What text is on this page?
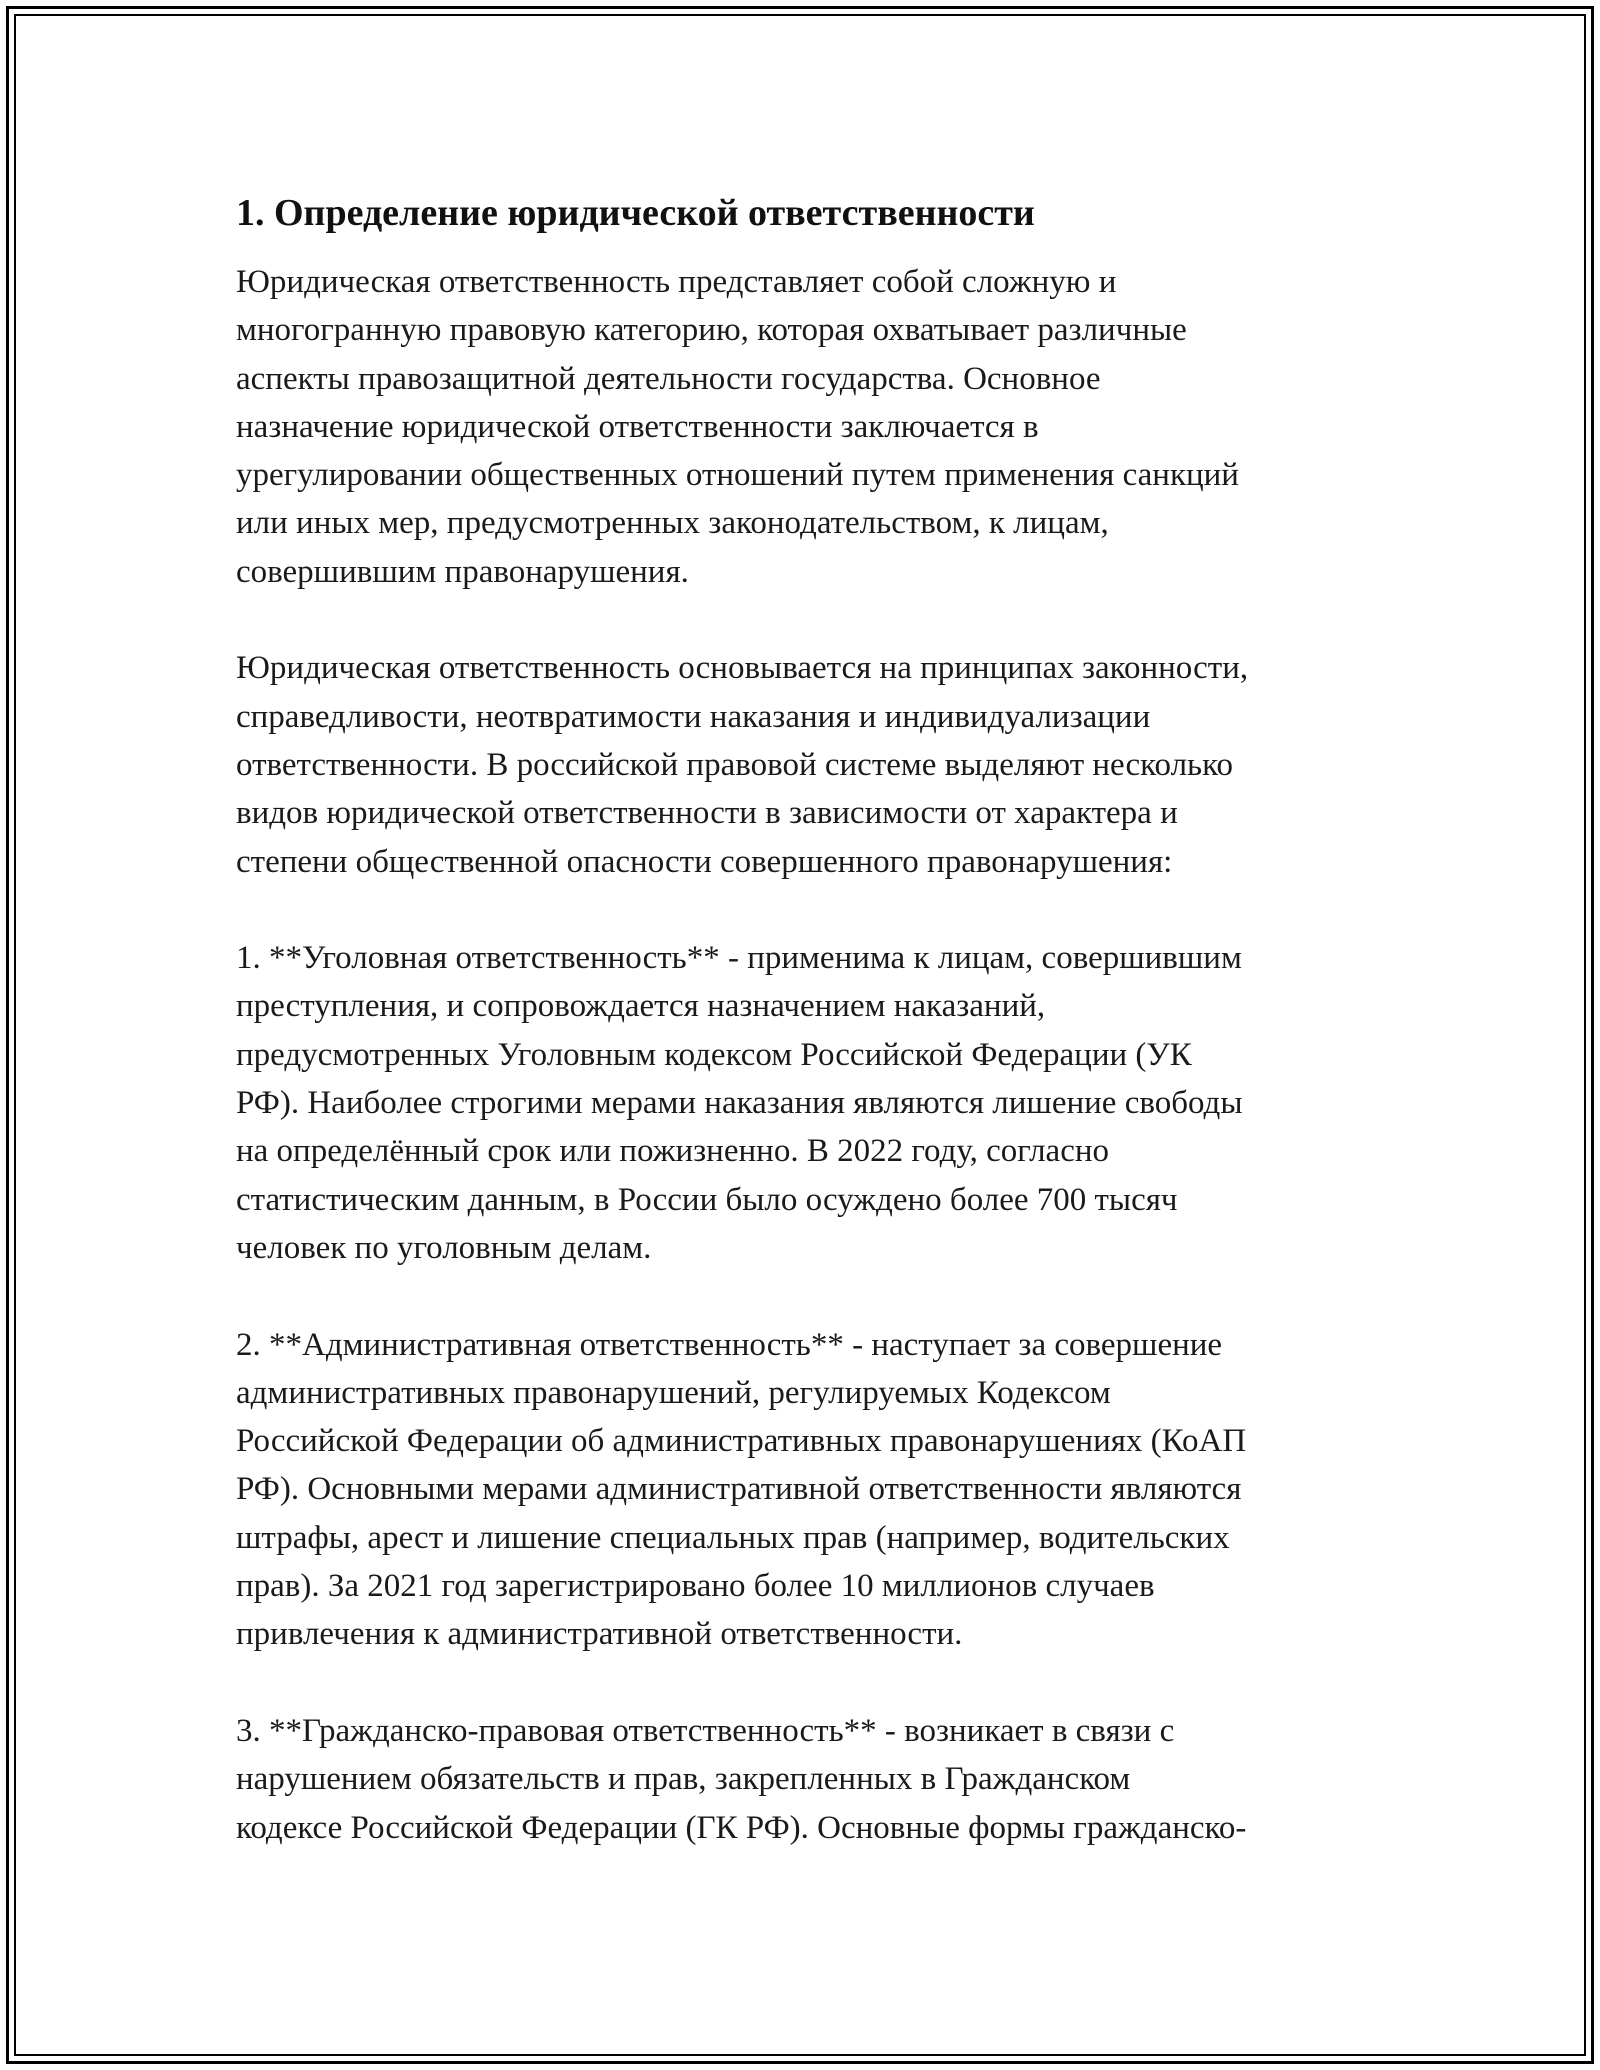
1. Определение юридической ответственности
Юридическая ответственность представляет собой сложную и
многогранную правовую категорию, которая охватывает различные
аспекты правозащитной деятельности государства. Основное
назначение юридической ответственности заключается в
урегулировании общественных отношений путем применения санкций
или иных мер, предусмотренных законодательством, к лицам,
совершившим правонарушения.
Юридическая ответственность основывается на принципах законности,
справедливости, неотвратимости наказания и индивидуализации
ответственности. В российской правовой системе выделяют несколько
видов юридической ответственности в зависимости от характера и
степени общественной опасности совершенного правонарушения:
1. **Уголовная ответственность** - применима к лицам, совершившим
преступления, и сопровождается назначением наказаний,
предусмотренных Уголовным кодексом Российской Федерации (УК
РФ). Наиболее строгими мерами наказания являются лишение свободы
на определённый срок или пожизненно. В 2022 году, согласно
статистическим данным, в России было осуждено более 700 тысяч
человек по уголовным делам.
2. **Административная ответственность** - наступает за совершение
административных правонарушений, регулируемых Кодексом
Российской Федерации об административных правонарушениях (КоАП
РФ). Основными мерами административной ответственности являются
штрафы, арест и лишение специальных прав (например, водительских
прав). За 2021 год зарегистрировано более 10 миллионов случаев
привлечения к административной ответственности.
3. **Гражданско-правовая ответственность** - возникает в связи с
нарушением обязательств и прав, закрепленных в Гражданском
кодексе Российской Федерации (ГК РФ). Основные формы гражданско-
